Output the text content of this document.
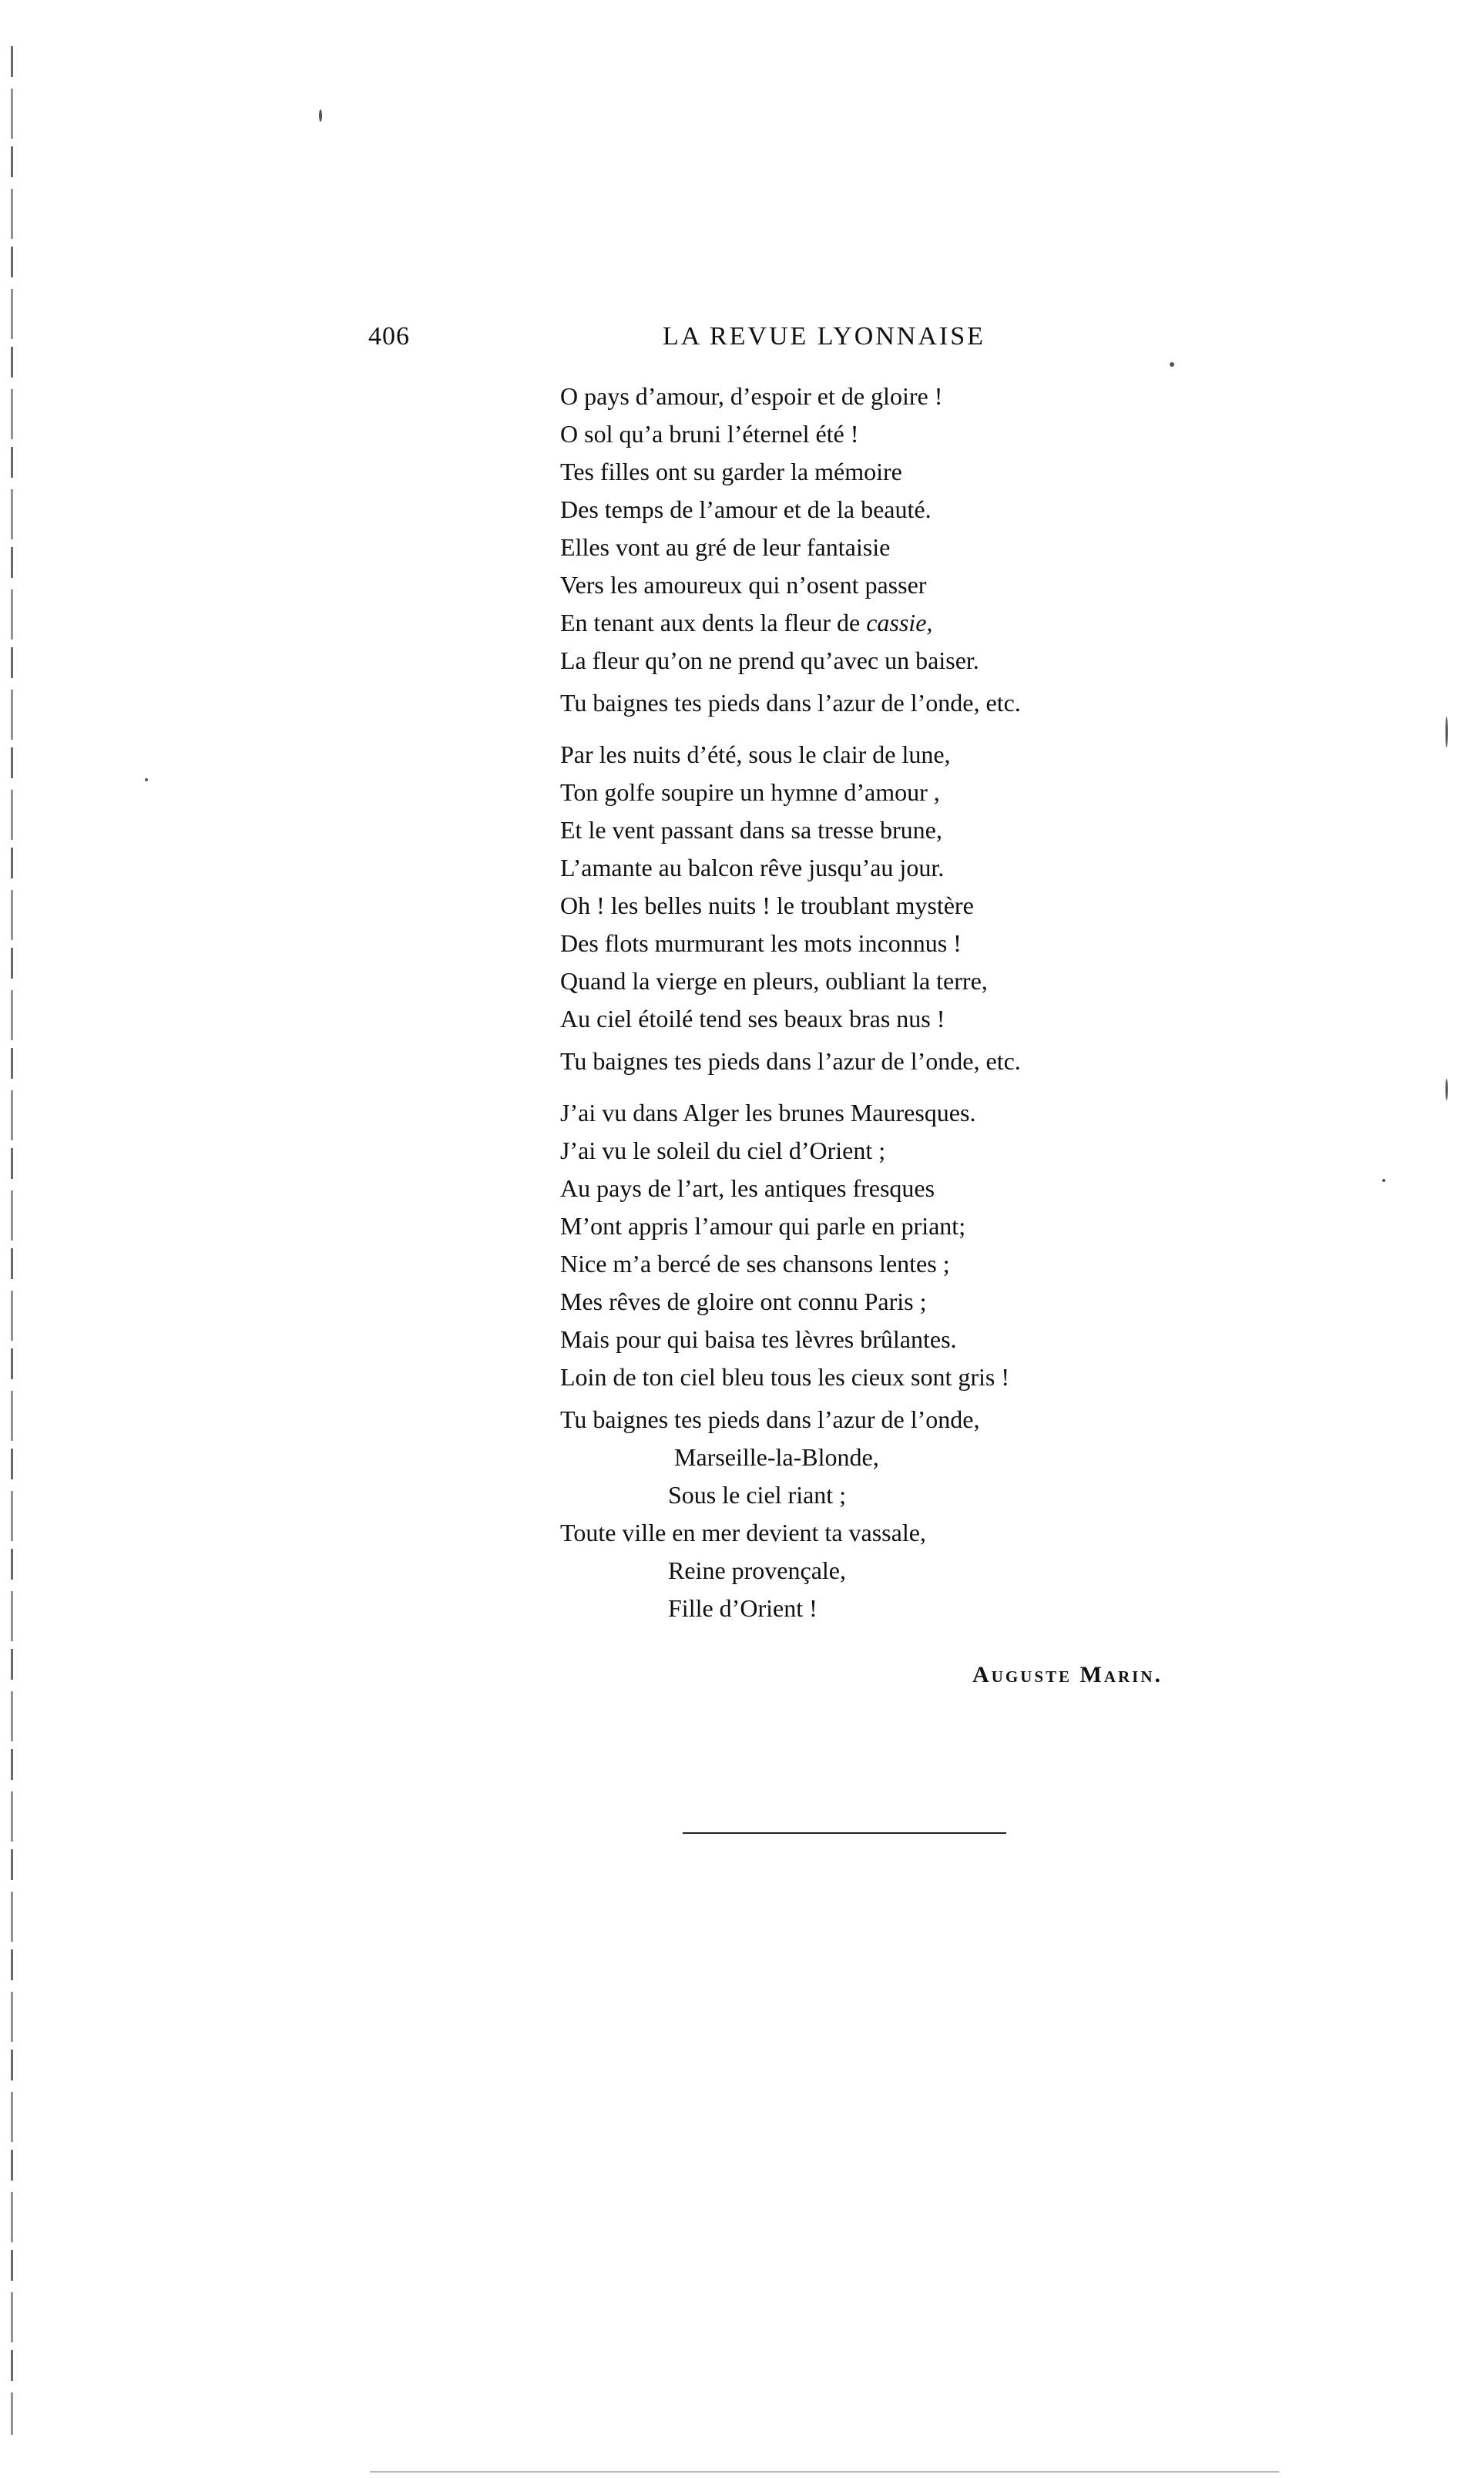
406	LA REVUE LYONNAISE
O pays d’amour, d’espoir et de gloire !
O sol qu’a bruni l’éternel été !
Tes filles ont su garder la mémoire
Des temps de l’amour et de la beauté.
Elles vont au gré de leur fantaisie
Vers les amoureux qui n’osent passer
En tenant aux dents la fleur de cassie,
La fleur qu’on ne prend qu’avec un baiser.
Tu baignes tes pieds dans l’azur de l’onde, etc.
Par les nuits d’été, sous le clair de lune,
Ton golfe soupire un hymne d’amour ,
Et le vent passant dans sa tresse brune,
L’amante au balcon rêve jusqu’au jour.
Oh ! les belles nuits ! le troublant mystère
Des flots murmurant les mots inconnus !
Quand la vierge en pleurs, oubliant la terre,
Au ciel étoilé tend ses beaux bras nus !
Tu baignes tes pieds dans l’azur de l’onde, etc.
J’ai vu dans Alger les brunes Mauresques.
J’ai vu le soleil du ciel d’Orient ;
Au pays de l’art, les antiques fresques
M’ont appris l’amour qui parle en priant;
Nice m’a bercé de ses chansons lentes ;
Mes rêves de gloire ont connu Paris ;
Mais pour qui baisa tes lèvres brûlantes.
Loin de ton ciel bleu tous les cieux sont gris !
Tu baignes tes pieds dans l’azur de l’onde,
Marseille-la-Blonde,
Sous le ciel riant ;
Toute ville en mer devient ta vassale,
Reine provençale,
Fille d’Orient !
Auguste Marin.
